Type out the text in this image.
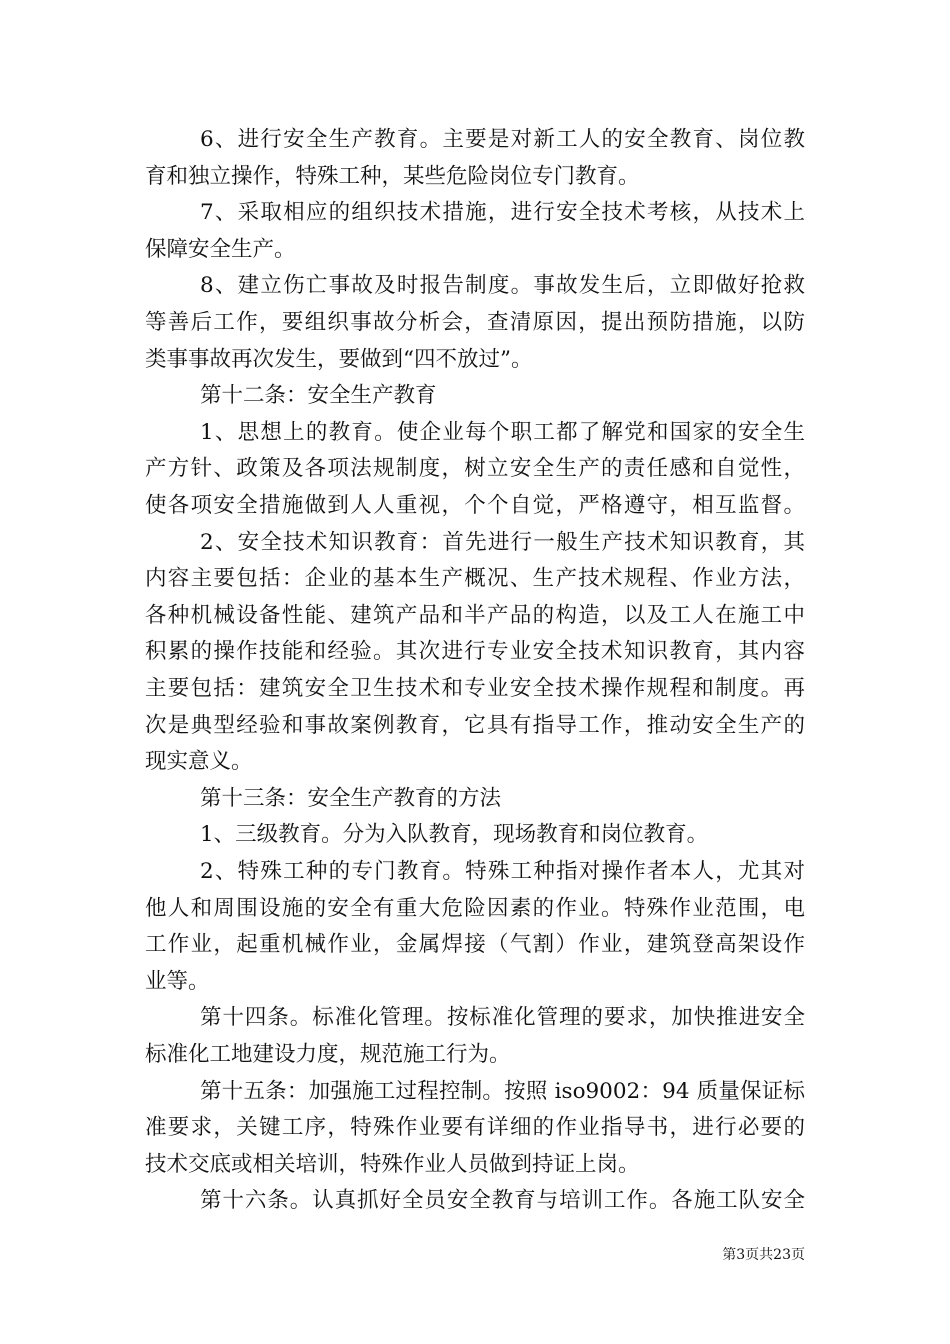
6、进行安全生产教育。主要是对新工人的安全教育、岗位教
育和独立操作，特殊工种，某些危险岗位专门教育。
7、采取相应的组织技术措施，进行安全技术考核，从技术上
保障安全生产。
8、建立伤亡事故及时报告制度。事故发生后，立即做好抢救
等善后工作，要组织事故分析会，查清原因，提出预防措施，以防
类事事故再次发生，要做到“四不放过”。
第十二条：安全生产教育
1、思想上的教育。使企业每个职工都了解党和国家的安全生
产方针、政策及各项法规制度，树立安全生产的责任感和自觉性，
使各项安全措施做到人人重视，个个自觉，严格遵守，相互监督。
2、安全技术知识教育：首先进行一般生产技术知识教育，其
内容主要包括：企业的基本生产概况、生产技术规程、作业方法，
各种机械设备性能、建筑产品和半产品的构造，以及工人在施工中
积累的操作技能和经验。其次进行专业安全技术知识教育，其内容
主要包括：建筑安全卫生技术和专业安全技术操作规程和制度。再
次是典型经验和事故案例教育，它具有指导工作，推动安全生产的
现实意义。
第十三条：安全生产教育的方法
1、三级教育。分为入队教育，现场教育和岗位教育。
2、特殊工种的专门教育。特殊工种指对操作者本人，尤其对
他人和周围设施的安全有重大危险因素的作业。特殊作业范围，电
工作业，起重机械作业，金属焊接（气割）作业，建筑登高架设作
业等。
第十四条。标准化管理。按标准化管理的要求，加快推进安全
标准化工地建设力度，规范施工行为。
第十五条：加强施工过程控制。按照 iso9002：94 质量保证标
准要求，关键工序，特殊作业要有详细的作业指导书，进行必要的
技术交底或相关培训，特殊作业人员做到持证上岗。
第十六条。认真抓好全员安全教育与培训工作。各施工队安全
第3页共23页
